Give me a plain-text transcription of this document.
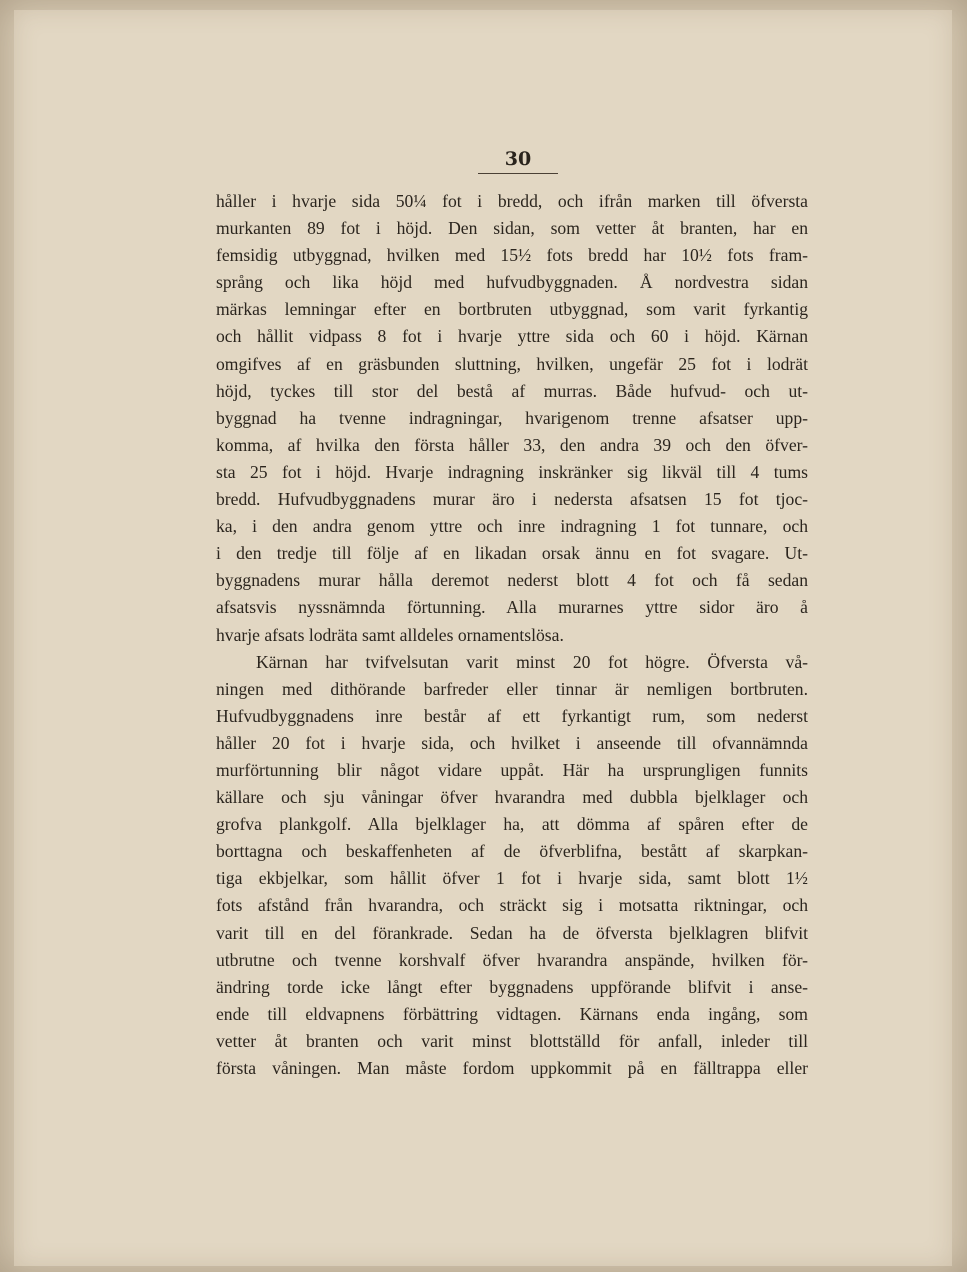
30
håller i hvarje sida 50¼ fot i bredd, och ifrån marken till öfversta
murkanten 89 fot i höjd. Den sidan, som vetter åt branten, har en
femsidig utbyggnad, hvilken med 15½ fots bredd har 10½ fots fram-
språng och lika höjd med hufvudbyggnaden. Å nordvestra sidan
märkas lemningar efter en bortbruten utbyggnad, som varit fyrkantig
och hållit vidpass 8 fot i hvarje yttre sida och 60 i höjd. Kärnan
omgifves af en gräsbunden sluttning, hvilken, ungefär 25 fot i lodrät
höjd, tyckes till stor del bestå af murras. Både hufvud- och ut-
byggnad ha tvenne indragningar, hvarigenom trenne afsatser upp-
komma, af hvilka den första håller 33, den andra 39 och den öfver-
sta 25 fot i höjd. Hvarje indragning inskränker sig likväl till 4 tums
bredd. Hufvudbyggnadens murar äro i nedersta afsatsen 15 fot tjoc-
ka, i den andra genom yttre och inre indragning 1 fot tunnare, och
i den tredje till följe af en likadan orsak ännu en fot svagare. Ut-
byggnadens murar hålla deremot nederst blott 4 fot och få sedan
afsatsvis nyssnämnda förtunning. Alla murarnes yttre sidor äro å
hvarje afsats lodräta samt alldeles ornamentslösa.
Kärnan har tvifvelsutan varit minst 20 fot högre. Öfversta vå-
ningen med dithörande barfreder eller tinnar är nemligen bortbruten.
Hufvudbyggnadens inre består af ett fyrkantigt rum, som nederst
håller 20 fot i hvarje sida, och hvilket i anseende till ofvannämnda
murförtunning blir något vidare uppåt. Här ha ursprungligen funnits
källare och sju våningar öfver hvarandra med dubbla bjelklager och
grofva plankgolf. Alla bjelklager ha, att dömma af spåren efter de
borttagna och beskaffenheten af de öfverblifna, bestått af skarpkan-
tiga ekbjelkar, som hållit öfver 1 fot i hvarje sida, samt blott 1½
fots afstånd från hvarandra, och sträckt sig i motsatta riktningar, och
varit till en del förankrade. Sedan ha de öfversta bjelklagren blifvit
utbrutne och tvenne korshvalf öfver hvarandra anspände, hvilken för-
ändring torde icke långt efter byggnadens uppförande blifvit i anse-
ende till eldvapnens förbättring vidtagen. Kärnans enda ingång, som
vetter åt branten och varit minst blottställd för anfall, inleder till
första våningen. Man måste fordom uppkommit på en fälltrappa eller
